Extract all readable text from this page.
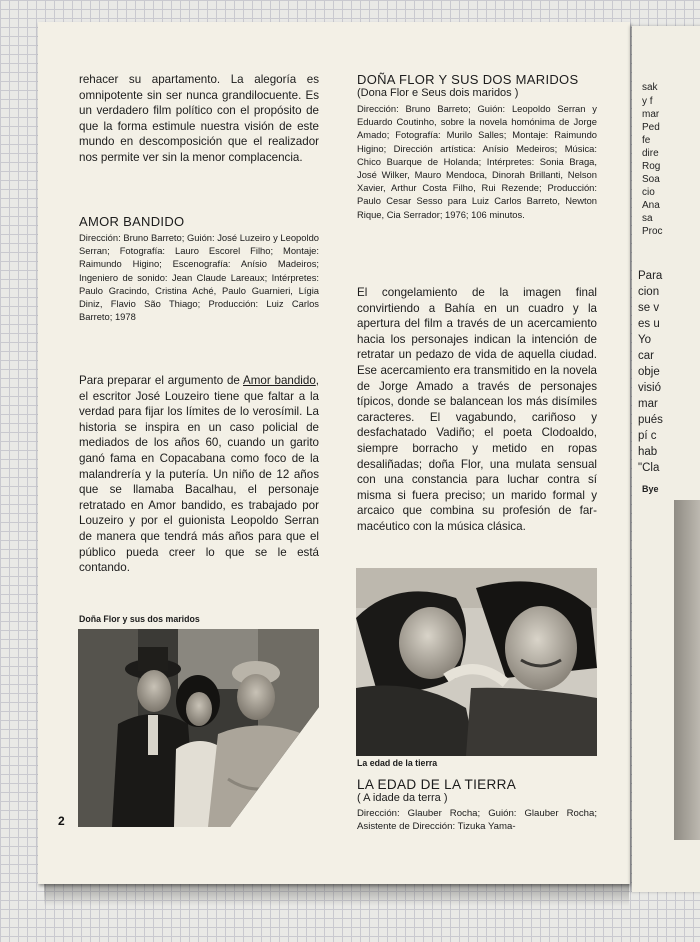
rehacer su apartamento. La alegoría es omnipotente sin ser nunca grandilocuente. Es un verdadero film político con el propósito de que la forma estimule nuestra visión de este mundo en descomposición que el realizador nos permite ver sin la menor complacencia.

AMOR BANDIDO

Dirección: Bruno Barreto; Guión: José Luzeiro y Leopoldo Serran; Fotografía: Lauro Escorel Filho; Montaje: Raimundo Higino; Escenografía: Anísio Madeiros; Ingeniero de sonido: Jean Claude Lareaux; Intérpretes: Paulo Gracindo, Cristina Aché, Paulo Guarnieri, Lígia Diniz, Flavio São Thiago; Producción: Luiz Carlos Barreto; 1978

Para preparar el argumento de Amor bandido, el escritor José Louzeiro tiene que faltar a la verdad para fijar los límites de lo verosímil. La historia se inspira en un caso policial de mediados de los años 60, cuando un garito ganó fama en Copacabana como foco de la malandrería y la putería. Un niño de 12 años que se llamaba Bacalhau, el personaje retratado en Amor bandido, es trabajado por Louzeiro y por el guionista Leopoldo Serran de manera que tendrá más años para que el público pueda creer lo que se le está contando.

Doña Flor y sus dos maridos

2

DOÑA FLOR Y SUS DOS MARIDOS

(Dona Flor e Seus dois maridos )

Dirección: Bruno Barreto; Guión: Leopoldo Serran y Eduardo Coutinho, sobre la novela homónima de Jorge Amado; Fotografía: Murilo Salles; Montaje: Raimundo Higino; Dirección artística: Anísio Medeiros; Música: Chico Buarque de Holanda; Intérpretes: Sonia Braga, José Wilker, Mauro Mendoca, Dinorah Brillanti, Nelson Xavier, Arthur Costa Filho, Rui Rezende; Producción: Paulo Cesar Sesso para Luiz Carlos Barreto, Newton Rique, Cia Serrador; 1976; 106 minutos.

El congelamiento de la imagen final convirtiendo a Bahía en un cuadro y la apertura del film a través de un acercamiento hacia los personajes indican la intención de retratar un pedazo de vida de aquella ciudad. Ese acercamiento era transmitido en la novela de Jorge Amado a través de personajes típicos, donde se balancean los más disímiles caracteres. El vagabundo, cariñoso y desfachatado Vadiño; el poeta Clodoaldo, siempre borracho y metido en ropas desaliñadas; doña Flor, una mulata sensual con una constancia para luchar contra sí misma si fuera preciso; un marido formal y arcaico que combina su profesión de farmacéutico con la música clásica.

La edad de la tierra

LA EDAD DE LA TIERRA

( A idade da terra )

Dirección: Glauber Rocha; Guión: Glauber Rocha; Asistente de Dirección: Tizuka Yama-

sak
y f
mar
Ped
fe
dire
Rog
Soa
cio
Ana
sa
Proc
Para
cion
se v
es u
Yo
car
obje
visió
mar
pués
pí c
hab
"Cla
Bye
